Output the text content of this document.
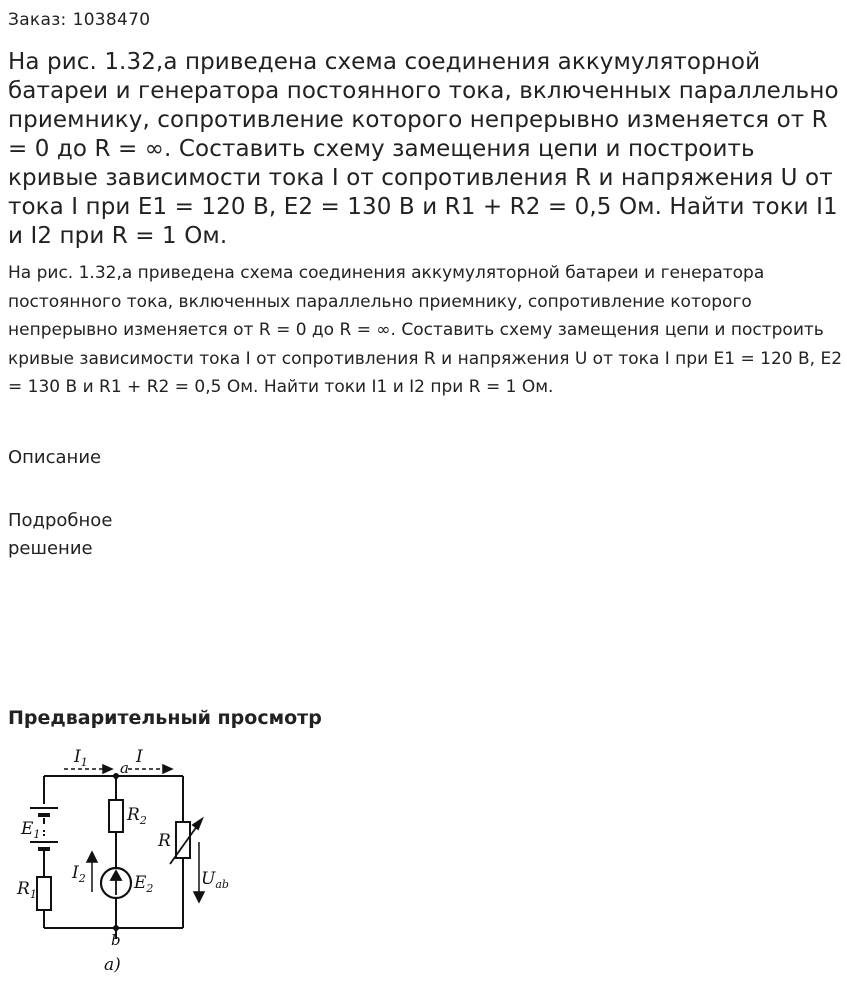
Заказ: 1038470
На рис. 1.32,а приведена схема соединения аккумуляторной батареи и генератора постоянного тока, включенных параллельно приемнику, сопротивление которого непрерывно изменяется от R = 0 до R = ∞. Составить схему замещения цепи и построить кривые зависимости тока I от сопротивления R и напряжения U от тока I при E1 = 120 В, E2 = 130 В и R1 + R2 = 0,5 Ом. Найти токи I1 и I2 при R = 1 Ом.
На рис. 1.32,а приведена схема соединения аккумуляторной батареи и генератора постоянного тока, включенных параллельно приемнику, сопротивление которого непрерывно изменяется от R = 0 до R = ∞. Составить схему замещения цепи и построить кривые зависимости тока I от сопротивления R и напряжения U от тока I при E1 = 120 В, E2 = 130 В и R1 + R2 = 0,5 Ом. Найти токи I1 и I2 при R = 1 Ом.
Описание
Подробное решение
Предварительный просмотр
$I_1$	I
a
b
$E_1$
$R_1$
$R_2$
$I_2$	$E_2$
R
$U_{ab}$
a)
